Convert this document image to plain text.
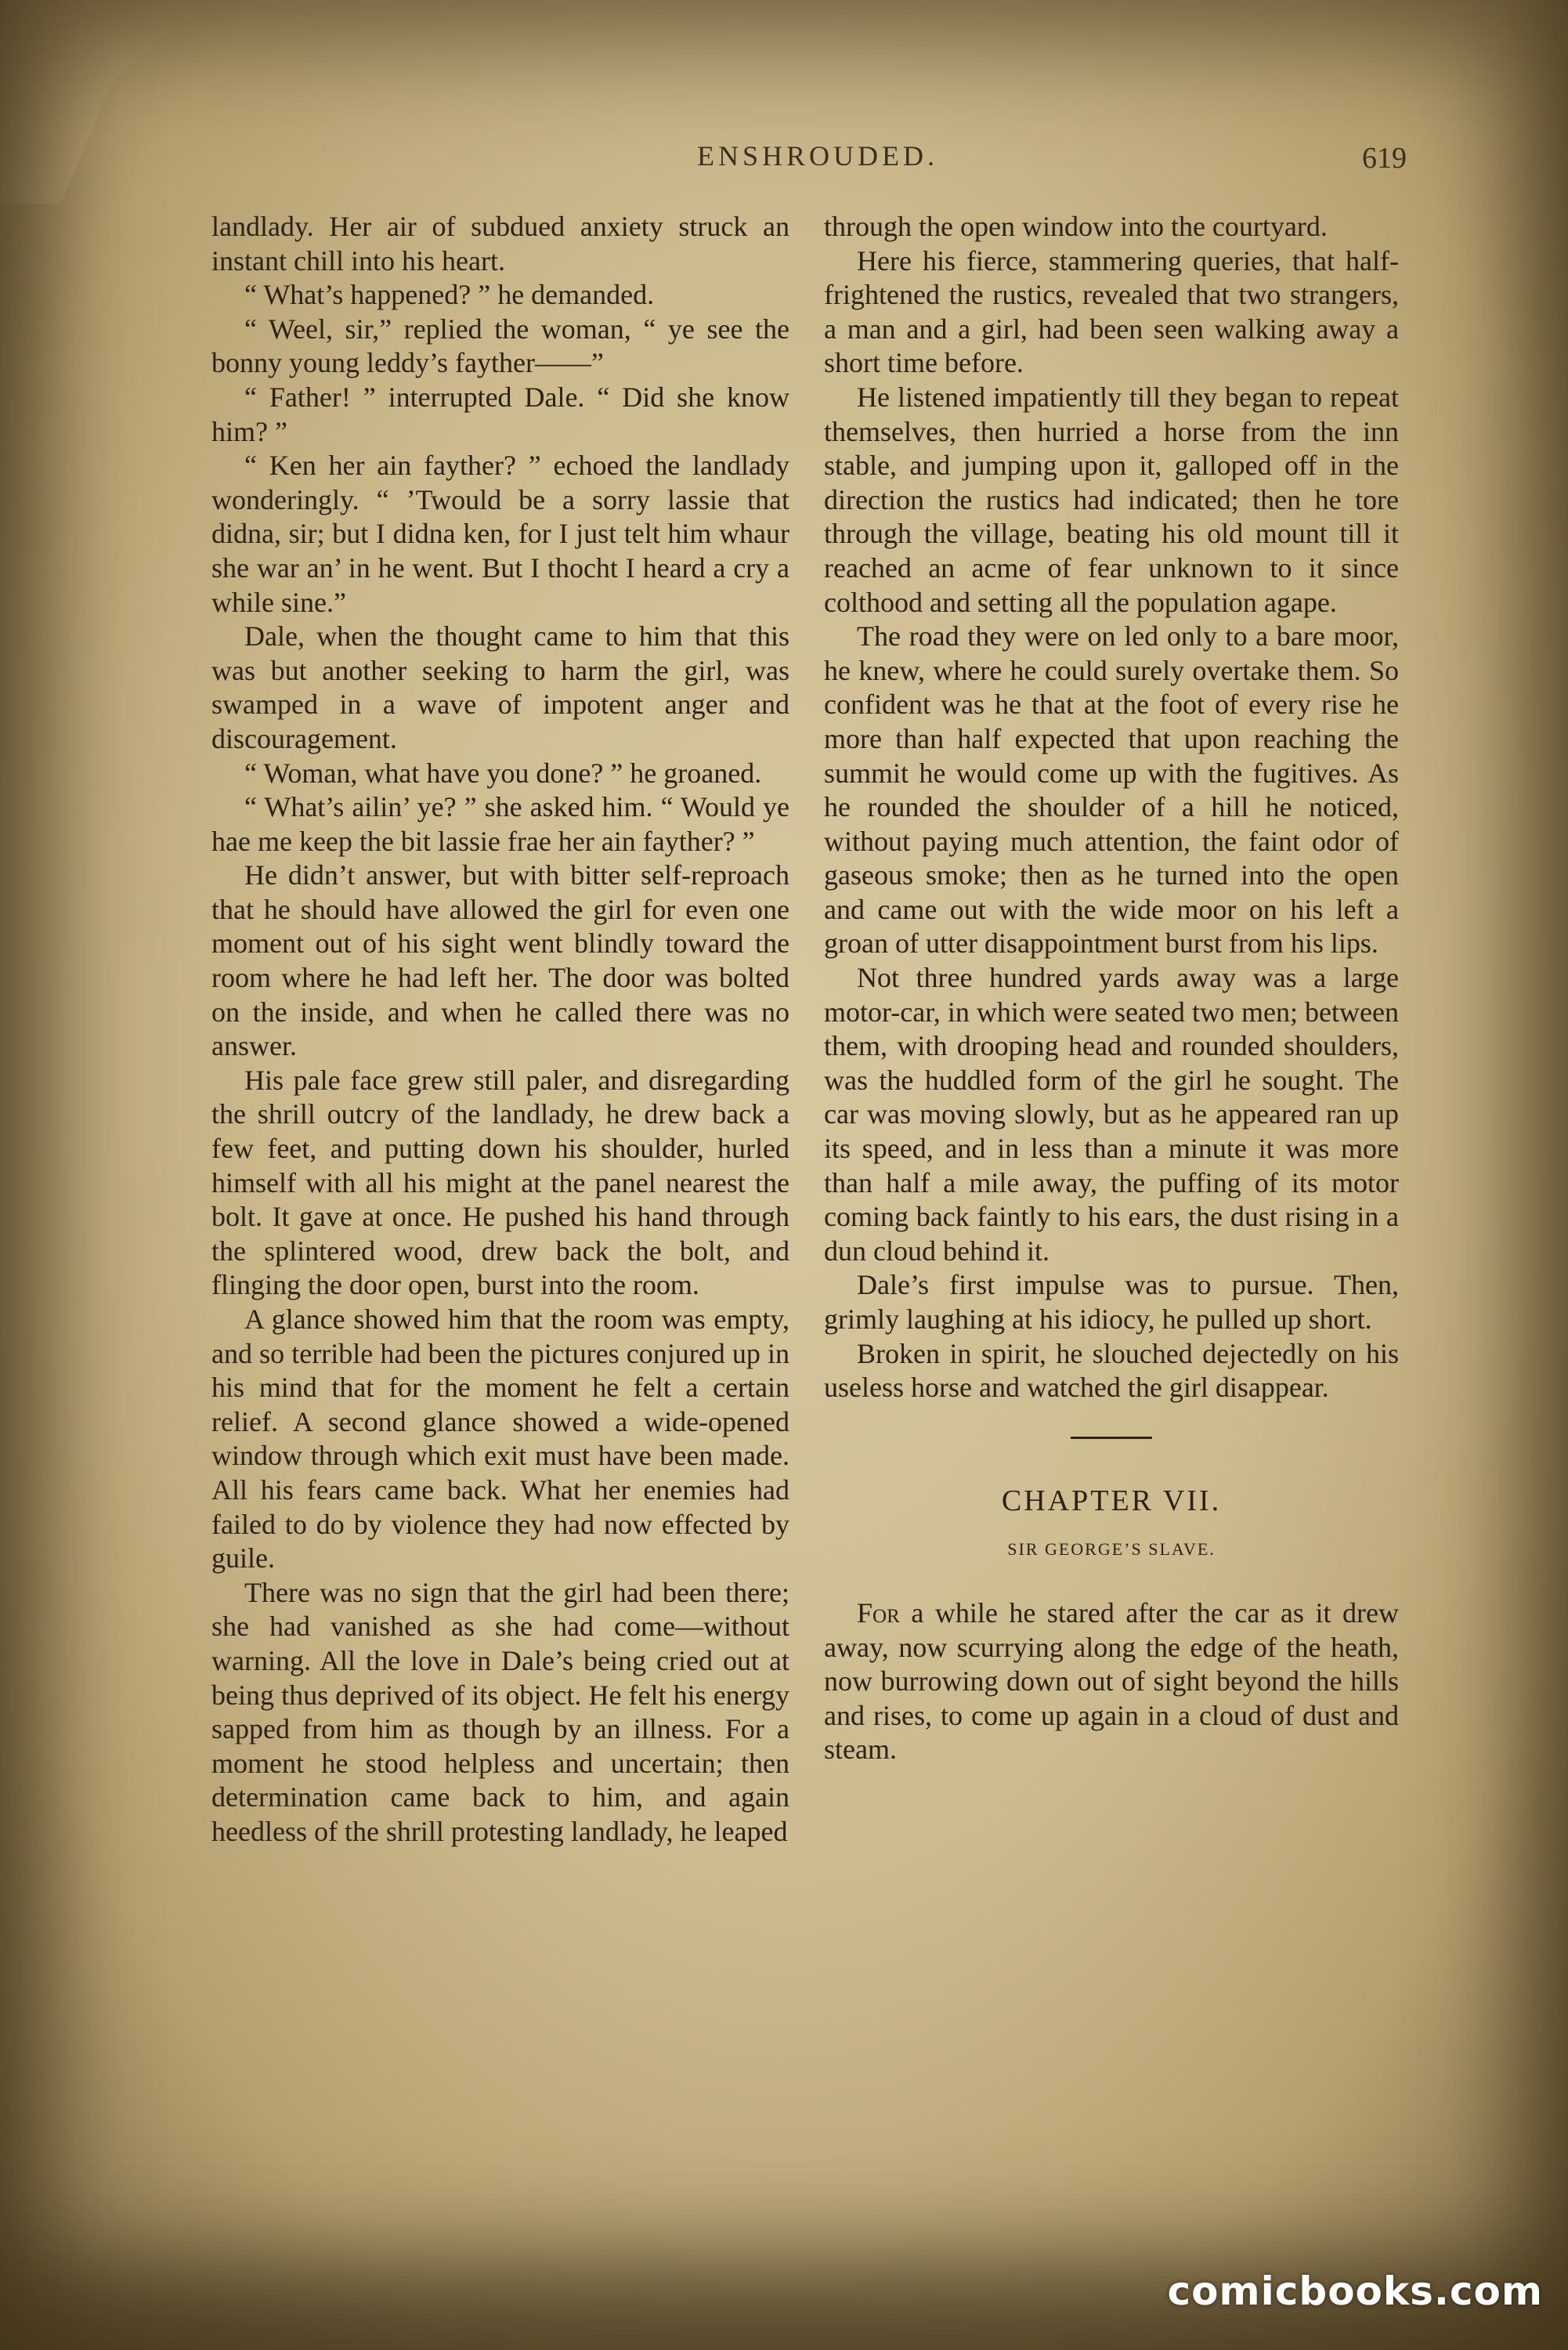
ENSHROUDED.	619

landlady. Her air of subdued anxiety struck an instant chill into his heart.

“ What’s happened? ” he demanded.

“ Weel, sir,” replied the woman, “ ye see the bonny young leddy’s fayther——”

“ Father! ” interrupted Dale. “ Did she know him? ”

“ Ken her ain fayther? ” echoed the landlady wonderingly. “ ’Twould be a sorry lassie that didna, sir; but I didna ken, for I just telt him whaur she war an’ in he went. But I thocht I heard a cry a while sine.”

Dale, when the thought came to him that this was but another seeking to harm the girl, was swamped in a wave of impotent anger and discouragement.

“ Woman, what have you done? ” he groaned.

“ What’s ailin’ ye? ” she asked him. “ Would ye hae me keep the bit lassie frae her ain fayther? ”

He didn’t answer, but with bitter self-reproach that he should have allowed the girl for even one moment out of his sight went blindly toward the room where he had left her. The door was bolted on the inside, and when he called there was no answer.

His pale face grew still paler, and disregarding the shrill outcry of the landlady, he drew back a few feet, and putting down his shoulder, hurled himself with all his might at the panel nearest the bolt. It gave at once. He pushed his hand through the splintered wood, drew back the bolt, and flinging the door open, burst into the room.

A glance showed him that the room was empty, and so terrible had been the pictures conjured up in his mind that for the moment he felt a certain relief. A second glance showed a wide-opened window through which exit must have been made. All his fears came back. What her enemies had failed to do by violence they had now effected by guile.

There was no sign that the girl had been there; she had vanished as she had come—without warning. All the love in Dale’s being cried out at being thus deprived of its object. He felt his energy sapped from him as though by an illness. For a moment he stood helpless and uncertain; then determination came back to him, and again heedless of the shrill protesting landlady, he leaped

through the open window into the courtyard.

Here his fierce, stammering queries, that half-frightened the rustics, revealed that two strangers, a man and a girl, had been seen walking away a short time before.

He listened impatiently till they began to repeat themselves, then hurried a horse from the inn stable, and jumping upon it, galloped off in the direction the rustics had indicated; then he tore through the village, beating his old mount till it reached an acme of fear unknown to it since colthood and setting all the population agape.

The road they were on led only to a bare moor, he knew, where he could surely overtake them. So confident was he that at the foot of every rise he more than half expected that upon reaching the summit he would come up with the fugitives. As he rounded the shoulder of a hill he noticed, without paying much attention, the faint odor of gaseous smoke; then as he turned into the open and came out with the wide moor on his left a groan of utter disappointment burst from his lips.

Not three hundred yards away was a large motor-car, in which were seated two men; between them, with drooping head and rounded shoulders, was the huddled form of the girl he sought. The car was moving slowly, but as he appeared ran up its speed, and in less than a minute it was more than half a mile away, the puffing of its motor coming back faintly to his ears, the dust rising in a dun cloud behind it.

Dale’s first impulse was to pursue. Then, grimly laughing at his idiocy, he pulled up short.

Broken in spirit, he slouched dejectedly on his useless horse and watched the girl disappear.

CHAPTER VII.
SIR GEORGE’S SLAVE.

For a while he stared after the car as it drew away, now scurrying along the edge of the heath, now burrowing down out of sight beyond the hills and rises, to come up again in a cloud of dust and steam.

comicbooks.com
